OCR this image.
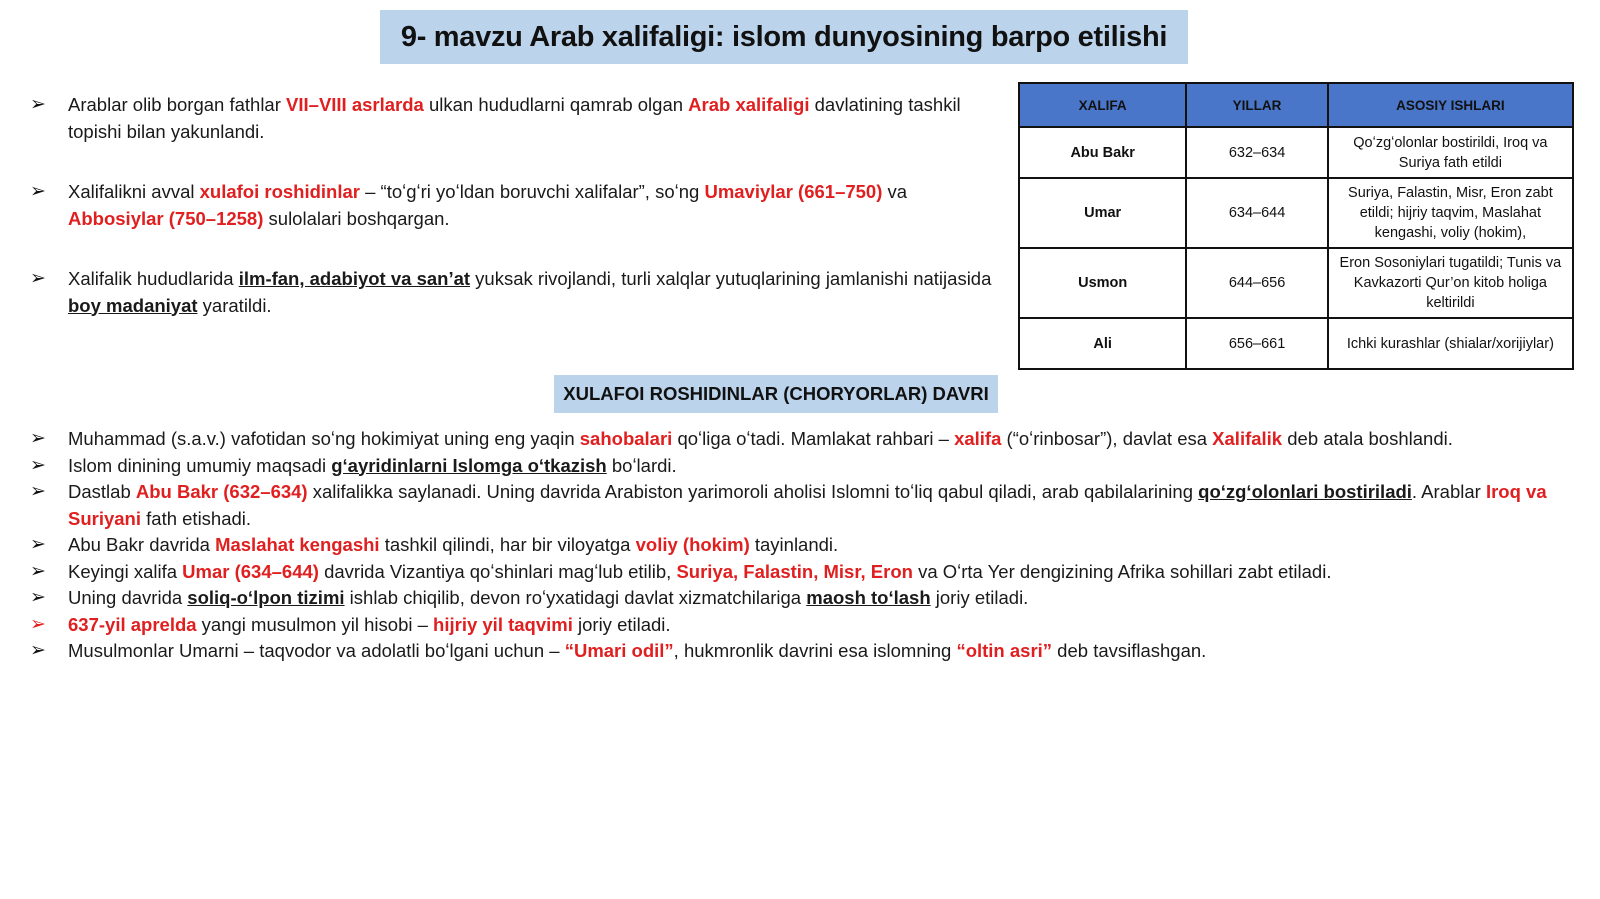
9- mavzu Arab xalifaligi: islom dunyosining barpo etilishi
➢	Arablar olib borgan fathlar VII–VIII asrlarda ulkan hududlarni qamrab olgan Arab xalifaligi davlatining tashkil topishi bilan yakunlandi.
➢	Xalifalikni avval xulafoi roshidinlar – “toʻgʻri yoʻldan boruvchi xalifalar”, soʻng Umaviylar (661–750) va Abbosiylar (750–1258) sulolalari boshqargan.
➢	Xalifalik hududlarida ilm-fan, adabiyot va san’at yuksak rivojlandi, turli xalqlar yutuqlarining jamlanishi natijasida boy madaniyat yaratildi.
XALIFA	YILLAR	ASOSIY ISHLARI
Abu Bakr	632–634	Qoʻzgʻolonlar bostirildi, Iroq va Suriya fath etildi
Umar	634–644	Suriya, Falastin, Misr, Eron zabt etildi; hijriy taqvim, Maslahat kengashi, voliy (hokim),
Usmon	644–656	Eron Sosoniylari tugatildi; Tunis va Kavkazorti Qur’on kitob holiga keltirildi
Ali	656–661	Ichki kurashlar (shialar/xorijiylar)
XULAFOI ROSHIDINLAR (CHORYORLAR) DAVRI
➢	Muhammad (s.a.v.) vafotidan soʻng hokimiyat uning eng yaqin sahobalari qoʻliga oʻtadi. Mamlakat rahbari – xalifa (“oʻrinbosar”), davlat esa Xalifalik deb atala boshlandi.
➢	Islom dinining umumiy maqsadi gʻayridinlarni Islomga oʻtkazish boʻlardi.
➢	Dastlab Abu Bakr (632–634) xalifalikka saylanadi. Uning davrida Arabiston yarimoroli aholisi Islomni toʻliq qabul qiladi, arab qabilalarining qoʻzgʻolonlari bostiriladi. Arablar Iroq va Suriyani fath etishadi.
➢	Abu Bakr davrida Maslahat kengashi tashkil qilindi, har bir viloyatga voliy (hokim) tayinlandi.
➢	Keyingi xalifa Umar (634–644) davrida Vizantiya qoʻshinlari magʻlub etilib, Suriya, Falastin, Misr, Eron va Oʻrta Yer dengizining Afrika sohillari zabt etiladi.
➢	Uning davrida soliq-oʻlpon tizimi ishlab chiqilib, devon roʻyxatidagi davlat xizmatchilariga maosh toʻlash joriy etiladi.
➢	637-yil aprelda yangi musulmon yil hisobi – hijriy yil taqvimi joriy etiladi.
➢	Musulmonlar Umarni – taqvodor va adolatli boʻlgani uchun – “Umari odil”, hukmronlik davrini esa islomning “oltin asri” deb tavsiflashgan.
